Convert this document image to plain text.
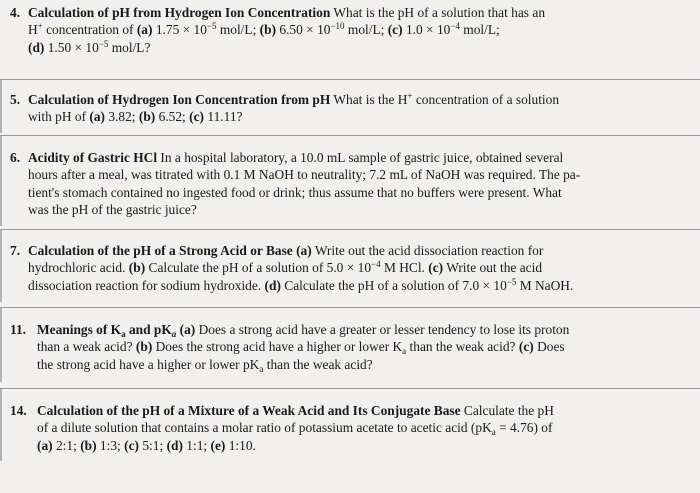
4. Calculation of pH from Hydrogen Ion Concentration What is the pH of a solution that has an
H+ concentration of (a) $1.75 \times 10^{-5}$ mol/L; (b) $6.50 \times 10^{-10}$ mol/L; (c) $1.0 \times 10^{-4}$ mol/L;
(d) $1.50 \times 10^{-5}$ mol/L?
5. Calculation of Hydrogen Ion Concentration from pH What is the H+ concentration of a solution
with pH of (a) 3.82; (b) 6.52; (c) 11.11?
6. Acidity of Gastric HCl In a hospital laboratory, a 10.0 mL sample of gastric juice, obtained several
hours after a meal, was titrated with 0.1 M NaOH to neutrality; 7.2 mL of NaOH was required. The pa-
tient's stomach contained no ingested food or drink; thus assume that no buffers were present. What
was the pH of the gastric juice?
7. Calculation of the pH of a Strong Acid or Base (a) Write out the acid dissociation reaction for
hydrochloric acid. (b) Calculate the pH of a solution of $5.0 \times 10^{-4}$ M HCl. (c) Write out the acid
dissociation reaction for sodium hydroxide. (d) Calculate the pH of a solution of $7.0 \times 10^{-5}$ M NaOH.
11. Meanings of $K_a$ and $pK_a$ (a) Does a strong acid have a greater or lesser tendency to lose its proton
than a weak acid? (b) Does the strong acid have a higher or lower $K_a$ than the weak acid? (c) Does
the strong acid have a higher or lower $pK_a$ than the weak acid?
14. Calculation of the pH of a Mixture of a Weak Acid and Its Conjugate Base Calculate the pH
of a dilute solution that contains a molar ratio of potassium acetate to acetic acid $(pK_a = 4.76)$ of
(a) 2:1; (b) 1:3; (c) 5:1; (d) 1:1; (e) 1:10.
